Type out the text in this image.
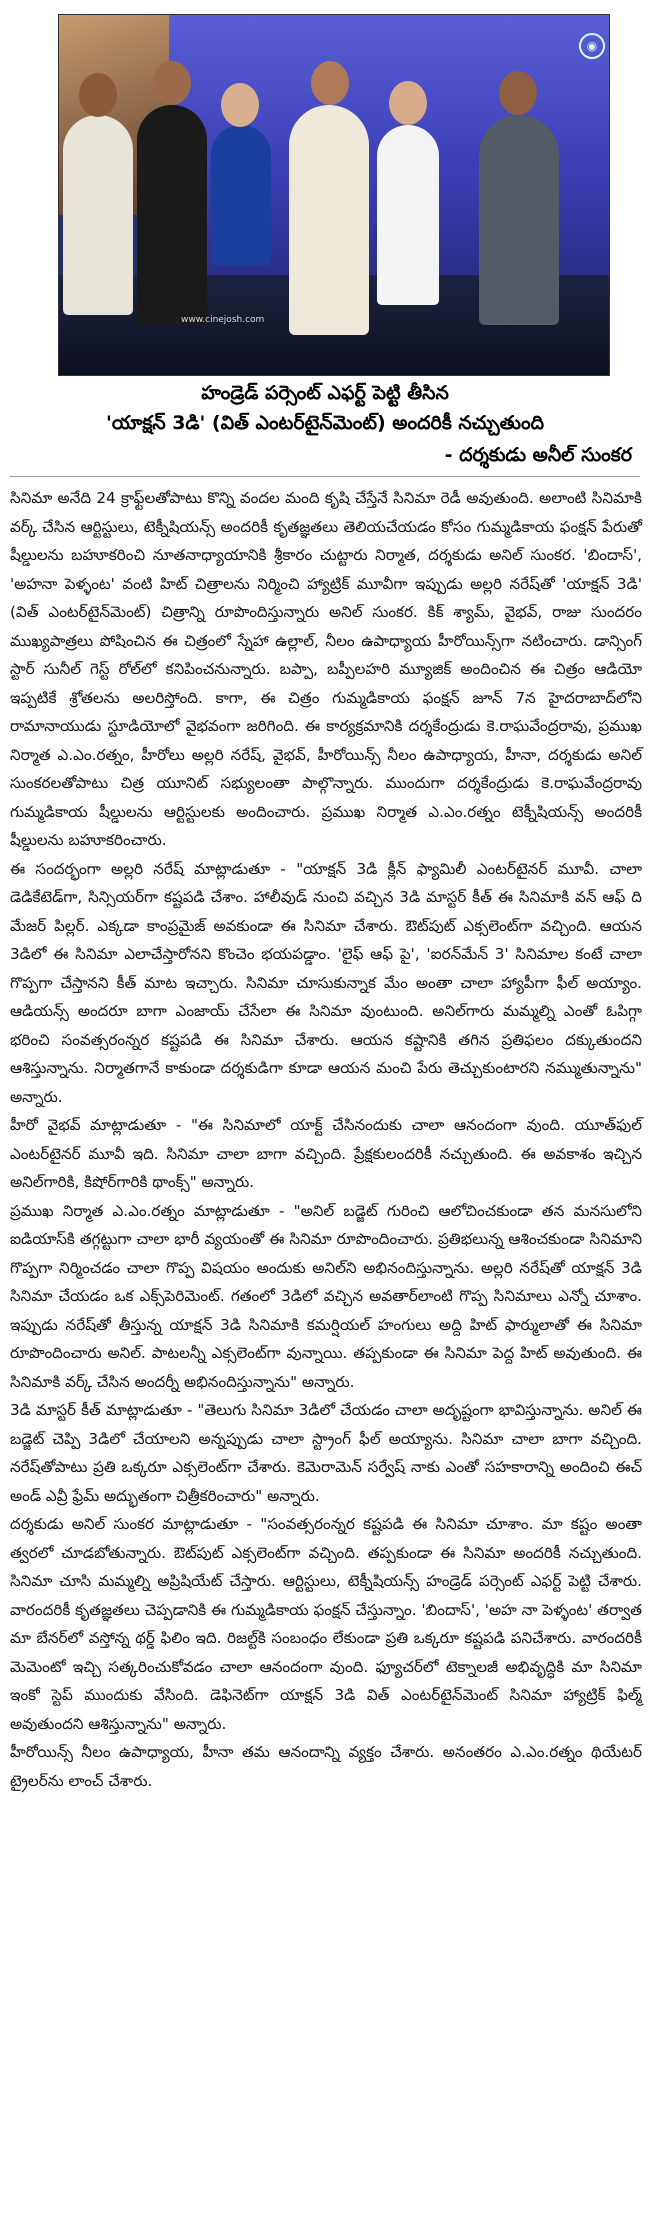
www.cinejosh.com
◉
హండ్రెడ్ పర్సెంట్ ఎఫర్ట్ పెట్టి తీసిన
'యాక్షన్ 3డి' (విత్ ఎంటర్‌టైన్‌మెంట్) అందరికీ నచ్చుతుంది
- దర్శకుడు అనీల్ సుంకర

సినిమా అనేది 24 క్రాఫ్ట్‌లతోపాటు కొన్ని వందల మంది కృషి చేస్తేనే సినిమా రెడీ అవుతుంది. అలాంటి సినిమాకి వర్క్ చేసిన ఆర్టిస్టులు, టెక్నీషియన్స్ అందరికీ కృతజ్ఞతలు తెలియచేయడం కోసం గుమ్మడికాయ ఫంక్షన్ పేరుతో షీల్డులను బహూకరించి నూతనాధ్యాయానికి శ్రీకారం చుట్టారు నిర్మాత, దర్శకుడు అనిల్ సుంకర. 'బిందాస్', 'అహనా పెళ్ళంట' వంటి హిట్ చిత్రాలను నిర్మించి హ్యాట్రిక్ మూవీగా ఇప్పుడు అల్లరి నరేష్‌తో 'యాక్షన్ 3డి' (విత్ ఎంటర్‌టైన్‌మెంట్) చిత్రాన్ని రూపొందిస్తున్నారు అనిల్ సుంకర. కిక్ శ్యామ్, వైభవ్, రాజు సుందరం ముఖ్యపాత్రలు పోషించిన ఈ చిత్రంలో స్నేహా ఉల్లాల్, నీలం ఉపాధ్యాయ హీరోయిన్స్‌గా నటించారు. డాన్సింగ్ స్టార్ సునీల్ గెస్ట్ రోల్‌లో కనిపించనున్నారు. బప్పా, బప్పీలహరి మ్యూజిక్ అందించిన ఈ చిత్రం ఆడియో ఇప్పటికే శ్రోతలను అలరిస్తోంది. కాగా, ఈ చిత్రం గుమ్మడికాయ ఫంక్షన్ జూన్ 7న హైదరాబాద్‌లోని రామానాయుడు స్టూడియోలో వైభవంగా జరిగింది. ఈ కార్యక్రమానికి దర్శకేంద్రుడు కె.రాఘవేంద్రరావు, ప్రముఖ నిర్మాత ఎ.ఎం.రత్నం, హీరోలు అల్లరి నరేష్, వైభవ్, హీరోయిన్స్ నీలం ఉపాధ్యాయ, హీనా, దర్శకుడు అనిల్ సుంకరలతోపాటు చిత్ర యూనిట్ సభ్యులంతా పాల్గొన్నారు. ముందుగా దర్శకేంద్రుడు కె.రాఘవేంద్రరావు గుమ్మడికాయ షీల్డులను ఆర్టిస్టులకు అందించారు. ప్రముఖ నిర్మాత ఎ.ఎం.రత్నం టెక్నీషియన్స్ అందరికీ షీల్డులను బహూకరించారు.

ఈ సందర్భంగా అల్లరి నరేష్ మాట్లాడుతూ - "యాక్షన్ 3డి క్లీన్ ఫ్యామిలీ ఎంటర్‌టైనర్ మూవీ. చాలా డెడికేటెడ్‌గా, సిన్సియర్‌గా కష్టపడి చేశాం. హాలీవుడ్ నుంచి వచ్చిన 3డి మాస్టర్ కీత్ ఈ సినిమాకి వన్ ఆఫ్ ది మేజర్ పిల్లర్. ఎక్కడా కాంప్రమైజ్ అవకుండా ఈ సినిమా చేశారు. ఔట్‌పుట్ ఎక్సలెంట్‌గా వచ్చింది. ఆయన 3డిలో ఈ సినిమా ఎలాచేస్తారోనని కొంచెం భయపడ్డాం. 'లైఫ్ ఆఫ్ పై', 'ఐరన్‌మేన్ 3' సినిమాల కంటే చాలా గొప్పగా చేస్తానని కీత్ మాట ఇచ్చారు. సినిమా చూసుకున్నాక మేం అంతా చాలా హ్యాపీగా ఫీల్ అయ్యాం. ఆడియన్స్ అందరూ బాగా ఎంజాయ్ చేసేలా ఈ సినిమా వుంటుంది. అనిల్‌గారు మమ్మల్ని ఎంతో ఓపిగ్గా భరించి సంవత్సరంన్నర కష్టపడి ఈ సినిమా చేశారు. ఆయన కష్టానికి తగిన ప్రతిఫలం దక్కుతుందని ఆశిస్తున్నాను. నిర్మాతగానే కాకుండా దర్శకుడిగా కూడా ఆయన మంచి పేరు తెచ్చుకుంటారని నమ్ముతున్నాను" అన్నారు.

హీరో వైభవ్ మాట్లాడుతూ - "ఈ సినిమాలో యాక్ట్ చేసినందుకు చాలా ఆనందంగా వుంది. యూత్‌ఫుల్ ఎంటర్‌టైనర్ మూవీ ఇది. సినిమా చాలా బాగా వచ్చింది. ప్రేక్షకులందరికీ నచ్చుతుంది. ఈ అవకాశం ఇచ్చిన అనిల్‌గారికి, కిషోర్‌గారికి థాంక్స్" అన్నారు.

ప్రముఖ నిర్మాత ఎ.ఎం.రత్నం మాట్లాడుతూ - "అనిల్ బడ్జెట్ గురించి ఆలోచించకుండా తన మనసులోని ఐడియాస్‌కి తగ్గట్టుగా చాలా భారీ వ్యయంతో ఈ సినిమా రూపొందించారు. ప్రతిభలున్న ఆశించకుండా సినిమాని గొప్పగా నిర్మించడం చాలా గొప్ప విషయం అందుకు అనిల్‌ని అభినందిస్తున్నాను. అల్లరి నరేష్‌తో యాక్షన్ 3డి సినిమా చేయడం ఒక ఎక్స్‌పెరిమెంట్. గతంలో 3డిలో వచ్చిన అవతార్‌లాంటి గొప్ప సినిమాలు ఎన్నో చూశాం. ఇప్పుడు నరేష్‌తో తీస్తున్న యాక్షన్ 3డి సినిమాకి కమర్షియల్ హంగులు అద్ది హిట్ ఫార్ములాతో ఈ సినిమా రూపొందించారు అనిల్. పాటలన్నీ ఎక్సలెంట్‌గా వున్నాయి. తప్పకుండా ఈ సినిమా పెద్ద హిట్ అవుతుంది. ఈ సినిమాకి వర్క్ చేసిన అందర్నీ అభినందిస్తున్నాను" అన్నారు.

3డి మాస్టర్ కీత్ మాట్లాడుతూ - "తెలుగు సినిమా 3డిలో చేయడం చాలా అదృష్టంగా భావిస్తున్నాను. అనిల్ ఈ బడ్జెట్ చెప్పి 3డిలో చేయాలని అన్నప్పుడు చాలా స్ట్రాంగ్ ఫీల్ అయ్యాను. సినిమా చాలా బాగా వచ్చింది. నరేష్‌తోపాటు ప్రతి ఒక్కరూ ఎక్సలెంట్‌గా చేశారు. కెమెరామెన్ సర్వేష్ నాకు ఎంతో సహకారాన్ని అందించి ఈచ్ అండ్ ఎవ్రీ ఫ్రేమ్ అద్భుతంగా చిత్రీకరించారు" అన్నారు.

దర్శకుడు అనిల్ సుంకర మాట్లాడుతూ - "సంవత్సరంన్నర కష్టపడి ఈ సినిమా చూశాం. మా కష్టం అంతా త్వరలో చూడబోతున్నారు. ఔట్‌పుట్ ఎక్సలెంట్‌గా వచ్చింది. తప్పకుండా ఈ సినిమా అందరికీ నచ్చుతుంది. సినిమా చూసి మమ్మల్ని అప్రిషియేట్ చేస్తారు. ఆర్టిస్టులు, టెక్నీషియన్స్ హండ్రెడ్ పర్సెంట్ ఎఫర్ట్ పెట్టి చేశారు. వారందరికీ కృతజ్ఞతలు చెప్పడానికి ఈ గుమ్మడికాయ ఫంక్షన్ చేస్తున్నాం. 'బిందాస్', 'అహ నా పెళ్ళంట' తర్వాత మా బేనర్‌లో వస్తోన్న థర్డ్ ఫిలిం ఇది. రిజల్ట్‌కి సంబంధం లేకుండా ప్రతి ఒక్కరూ కష్టపడి పనిచేశారు. వారందరికీ మెమెంటో ఇచ్చి సత్కరించుకోవడం చాలా ఆనందంగా వుంది. ఫ్యూచర్‌లో టెక్నాలజీ అభివృద్ధికి మా సినిమా ఇంకో స్టెప్ ముందుకు వేసింది. డెఫినెట్‌గా యాక్షన్ 3డి విత్ ఎంటర్‌టైన్‌మెంట్ సినిమా హ్యాట్రిక్ ఫిల్మ్ అవుతుందని ఆశిస్తున్నాను" అన్నారు.

హీరోయిన్స్ నీలం ఉపాధ్యాయ, హీనా తమ ఆనందాన్ని వ్యక్తం చేశారు. అనంతరం ఎ.ఎం.రత్నం థియేటర్ ట్రైలర్‌ను లాంచ్ చేశారు.
